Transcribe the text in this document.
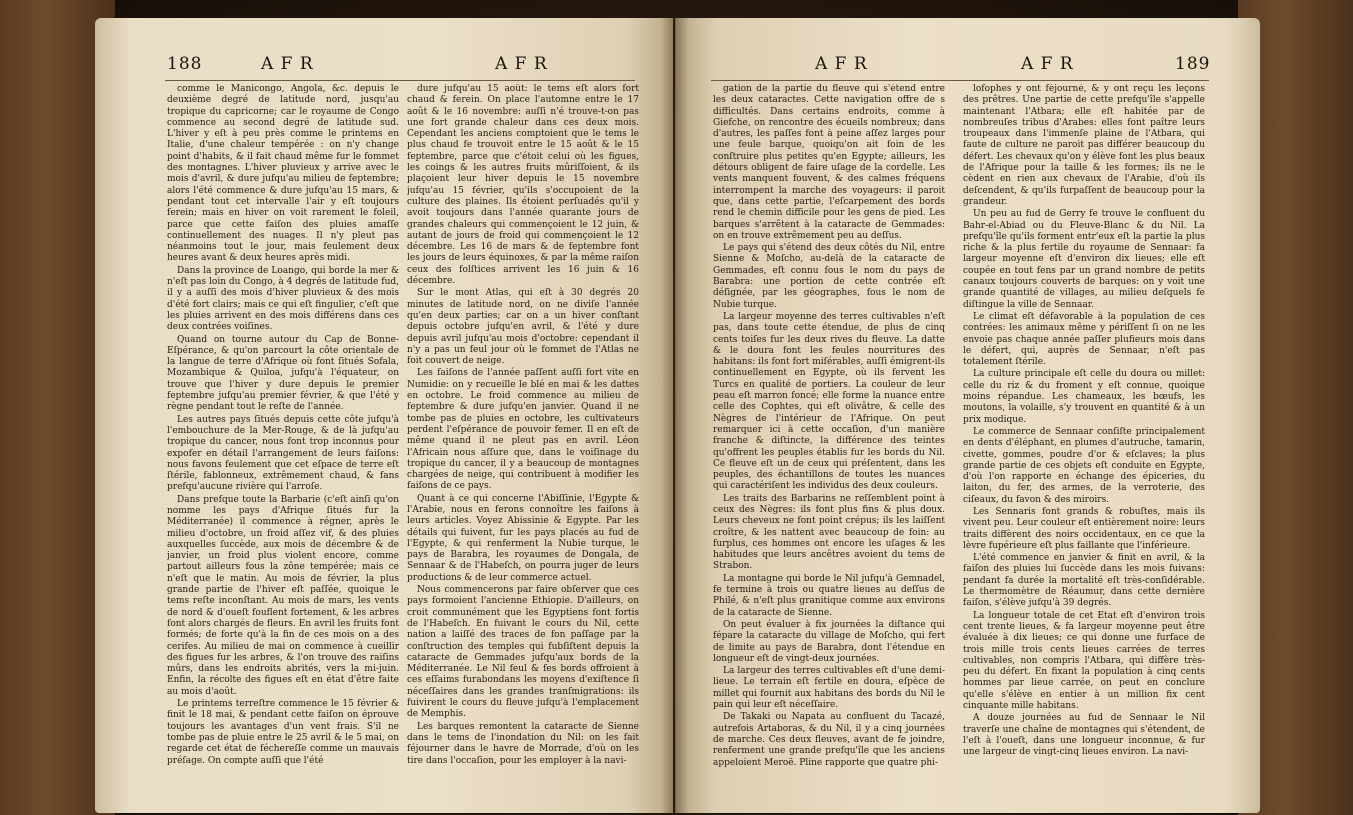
188	A F R	A F R

comme le Manicongo, Angola, &c. depuis le deuxième degré de latitude nord, jusqu'au tropique du capricorne; car le royaume de Congo commence au second degré de latitude sud. L'hiver y eſt à peu près comme le printems en Italie, d'une chaleur tempérée : on n'y change point d'habits, & il fait chaud même fur le fommet des montagnes. L'hiver pluvieux y arrive avec le mois d'avril, & dure jufqu'au milieu de feptembre; alors l'été commence & dure jufqu'au 15 mars, & pendant tout cet intervalle l'air y eſt toujours ferein; mais en hiver on voit rarement le foleil, parce que cette faiſon des pluies amaſſe continuellement des nuages. Il n'y pleut pas néanmoins tout le jour, mais feulement deux heures avant & deux heures après midi.

Dans la province de Loango, qui borde la mer & n'eſt pas loin du Congo, à 4 degrés de latitude fud, il y a auſſi des mois d'hiver pluvieux & des mois d'été fort clairs; mais ce qui eſt fingulier, c'eſt que les pluies arrivent en des mois différens dans ces deux contrées voiſines.

Quand on tourne autour du Cap de Bonne-Eſpérance, & qu'on parcourt la côte orientale de la langue de terre d'Afrique où font ſitués Sofala, Mozambique & Quiloa, jufqu'à l'équateur, on trouve que l'hiver y dure depuis le premier feptembre jufqu'au premier février, & que l'été y règne pendant tout le reſte de l'année.

Les autres pays ſitués depuis cette côte jufqu'à l'embouchure de la Mer-Rouge, & de là jufqu'au tropique du cancer, nous font trop inconnus pour expofer en détail l'arrangement de leurs faiſons: nous favons feulement que cet eſpace de terre eſt ſtérile, fablonneux, extrêmement chaud, & fans prefqu'aucune rivière qui l'arroſe.

Dans prefque toute la Barbarie (c'eſt ainſi qu'on nomme les pays d'Afrique ſitués fur la Méditerranée) il commence à régner, après le milieu d'octobre, un froid aſſez vif, & des pluies auxquelles ſuccède, aux mois de décembre & de janvier, un froid plus violent encore, comme partout ailleurs fous la zône tempérée; mais ce n'eſt que le matin. Au mois de février, la plus grande partie de l'hiver eſt paſſée, quoique le tems reſte inconſtant. Au mois de mars, les vents de nord & d'oueſt fouflent fortement, & les arbres font alors chargés de fleurs. En avril les fruits font formés; de forte qu'à la fin de ces mois on a des cerifes. Au milieu de mai on commence à cueillir des figues fur les arbres, & l'on trouve des raiſins mûrs, dans les endroits abrités, vers la mi-juin. Enfin, la récolte des figues eſt en état d'être faite au mois d'août.

Le printems terreſtre commence le 15 février & finit le 18 mai, & pendant cette faiſon on éprouve toujours les avantages d'un vent frais. S'il ne tombe pas de pluie entre le 25 avril & le 5 mai, on regarde cet état de féchereſſe comme un mauvais préſage. On compte auſſi que l'été

dure jufqu'au 15 août: le tems eſt alors fort chaud & ferein. On place l'automne entre le 17 août & le 16 novembre: auſſi n'é trouve-t-on pas une fort grande chaleur dans ces deux mois. Cependant les anciens comptoient que le tems le plus chaud fe trouvoit entre le 15 août & le 15 feptembre, parce que c'étoit celui où les figues, les coings & les autres fruits mûriſſoient, & ils plaçoient leur hiver depuis le 15 novembre jufqu'au 15 février, qu'ils s'occupoient de la culture des plaines. Ils étoient perſuadés qu'il y avoit toujours dans l'année quarante jours de grandes chaleurs qui commençoient le 12 juin, & autant de jours de froid qui commençoient le 12 décembre. Les 16 de mars & de feptembre font les jours de leurs équinoxes, & par la même raiſon ceux des folſtices arrivent les 16 juin & 16 décembre.

Sur le mont Atlas, qui eſt à 30 degrés 20 minutes de latitude nord, on ne diviſe l'année qu'en deux parties; car on a un hiver conſtant depuis octobre jufqu'en avril, & l'été y dure depuis avril jufqu'au mois d'octobre: cependant il n'y a pas un feul jour où le fommet de l'Atlas ne foit couvert de neige.

Les faiſons de l'année paſſent auſſi fort vite en Numidie: on y recueille le blé en mai & les dattes en octobre. Le froid commence au milieu de feptembre & dure jufqu'en janvier. Quand il ne tombe pas de pluies en octobre, les cultivateurs perdent l'eſpérance de pouvoir femer. Il en eſt de même quand il ne pleut pas en avril. Léon l'Africain nous aſſure que, dans le voiſinage du tropique du cancer, il y a beaucoup de montagnes chargées de neige, qui contribuent à modifier les faiſons de ce pays.

Quant à ce qui concerne l'Abiſſinie, l'Egypte & l'Arabie, nous en ferons connoître les faiſons à leurs articles. Voyez Abissinie & Egypte. Par les détails qui fuivent, fur les pays placés au fud de l'Egypte, & qui renferment la Nubie turque, le pays de Barabra, les royaumes de Dongala, de Sennaar & de l'Habeſch, on pourra juger de leurs productions & de leur commerce actuel.

Nous commencerons par faire obſerver que ces pays formoient l'ancienne Ethiopie. D'ailleurs, on croit communément que les Egyptiens font fortis de l'Habeſch. En fuivant le cours du Nil, cette nation a laiſſé des traces de fon paſſage par la conſtruction des temples qui fubſiſtent depuis la cataracte de Gemmades jufqu'aux bords de la Méditerranée. Le Nil feul & fes bords offroient à ces eſſaims furabondans les moyens d'exiſtence ſi néceſſaires dans les grandes tranſmigrations: ils fuivirent le cours du fleuve jufqu'à l'emplacement de Memphis.

Les barques remontent la cataracte de Sienne dans le tems de l'inondation du Nil: on les fait féjourner dans le havre de Morrade, d'où on les tire dans l'occaſion, pour les employer à la navi-

A F R	A F R	189

gation de la partie du fleuve qui s'étend entre les deux cataractes. Cette navigation offre de s difficultés. Dans certains endroits, comme à Giefche, on rencontre des écueils nombreux; dans d'autres, les paſſes font à peine aſſez larges pour une feule barque, quoiqu'on ait foin de les conſtruire plus petites qu'en Egypte; ailleurs, les détours obligent de faire uſage de la cordelle. Les vents manquent fouvent, & des calmes fréquens interrompent la marche des voyageurs: il paroit que, dans cette partie, l'eſcarpement des bords rend le chemin difficile pour les gens de pied. Les barques s'arrêtent à la cataracte de Gemmades: on en trouve extrêmement peu au deſſus.

Le pays qui s'étend des deux côtés du Nil, entre Sienne & Moſcho, au-delà de la cataracte de Gemmades, eſt connu fous le nom du pays de Barabra: une portion de cette contrée eſt déſignée, par les géographes, fous le nom de Nubie turque.

La largeur moyenne des terres cultivables n'eſt pas, dans toute cette étendue, de plus de cinq cents toiſes fur les deux rives du fleuve. La datte & le doura font les feules nourritures des habitans: ils font fort miſérables, auſſi émigrent-ils continuellement en Egypte, où ils fervent les Turcs en qualité de portiers. La couleur de leur peau eſt marron foncé; elle forme la nuance entre celle des Cophtes, qui eſt olivâtre, & celle des Nègres de l'intérieur de l'Afrique. On peut remarquer ici à cette occaſion, d'un manière franche & diſtincte, la différence des teintes qu'offrent les peuples établis fur les bords du Nil. Ce fleuve eſt un de ceux qui préſentent, dans les peuples, des échantillons de toutes les nuances qui caractériſent les individus des deux couleurs.

Les traits des Barbarins ne reſſemblent point à ceux des Nègres: ils font plus fins & plus doux. Leurs cheveux ne font point crépus; ils les laiſſent croître, & les nattent avec beaucoup de foin: au furplus, ces hommes ont encore les uſages & les habitudes que leurs ancêtres avoient du tems de Strabon.

La montagne qui borde le Nil jufqu'à Gemnadel, fe termine à trois ou quatre lieues au deſſus de Philé, & n'eſt plus granitique comme aux environs de la cataracte de Sienne.

On peut évaluer à fix journées la diſtance qui fépare la cataracte du village de Moſcho, qui fert de limite au pays de Barabra, dont l'étendue en longueur eſt de vingt-deux journées.

La largeur des terres cultivables eſt d'une demi-lieue. Le terrain eſt fertile en doura, eſpèce de millet qui fournit aux habitans des bords du Nil le pain qui leur eſt néceſſaire.

De Takaki ou Napata au confluent du Tacazé, autrefois Artaboras, & du Nil, il y a cinq journées de marche. Ces deux fleuves, avant de fe joindre, renferment une grande prefqu'île que les anciens appeloient Meroë. Pline rapporte que quatre phi-

lofophes y ont féjourné, & y ont reçu les leçons des prêtres. Une partie de cette prefqu'île s'appelle maintenant l'Atbara; elle eſt habitée par de nombreuſes tribus d'Arabes: elles font paître leurs troupeaux dans l'immenſe plaine de l'Atbara, qui faute de culture ne paroit pas différer beaucoup du défert. Les chevaux qu'on y élève font les plus beaux de l'Afrique pour la taille & les formes; ils ne le cèdent en rien aux chevaux de l'Arabie, d'où ils deſcendent, & qu'ils furpaſſent de beaucoup pour la grandeur.

Un peu au fud de Gerry fe trouve le confluent du Bahr-el-Abiad ou du Fleuve-Blanc & du Nil. La prefqu'île qu'ils forment entr'eux eſt la partie la plus riche & la plus fertile du royaume de Sennaar: fa largeur moyenne eſt d'environ dix lieues; elle eſt coupée en tout fens par un grand nombre de petits canaux toujours couverts de barques: on y voit une grande quantité de villages, au milieu deſquels fe diſtingue la ville de Sennaar.

Le climat eſt défavorable à la population de ces contrées: les animaux même y périſſent ſi on ne les envoie pas chaque année paſſer plufieurs mois dans le défert, qui, auprès de Sennaar, n'eſt pas totalement ſtérile.

La culture principale eſt celle du doura ou millet: celle du riz & du froment y eſt connue, quoique moins répandue. Les chameaux, les bœufs, les moutons, la volaille, s'y trouvent en quantité & à un prix modique.

Le commerce de Sennaar conſiſte principalement en dents d'éléphant, en plumes d'autruche, tamarin, civette, gommes, poudre d'or & eſclaves; la plus grande partie de ces objets eſt conduite en Egypte, d'où l'on rapporte en échange des épiceries, du laiton, du fer, des armes, de la verroterie, des ciſeaux, du favon & des miroirs.

Les Sennaris font grands & robuſtes, mais ils vivent peu. Leur couleur eſt entièrement noire: leurs traits diffèrent des noirs occidentaux, en ce que la lèvre fupérieure eſt plus faillante que l'inférieure.

L'été commence en janvier & finit en avril, & la faiſon des pluies lui ſuccède dans les mois fuivans: pendant fa durée la mortalité eſt très-conſidérable. Le thermomètre de Réaumur, dans cette dernière faiſon, s'élève jufqu'à 39 degrés.

La longueur totale de cet Etat eſt d'environ trois cent trente lieues, & fa largeur moyenne peut être évaluée à dix lieues; ce qui donne une furface de trois mille trois cents lieues carrées de terres cultivables, non compris l'Atbara, qui diffère très-peu du défert. En fixant la population à cinq cents hommes par lieue carrée, on peut en conclure qu'elle s'élève en entier à un million fix cent cinquante mille habitans.

A douze journées au fud de Sennaar le Nil traverſe une chaîne de montagnes qui s'étendent, de l'eſt à l'oueſt, dans une longueur inconnue, & fur une largeur de vingt-cinq lieues environ. La navi-
